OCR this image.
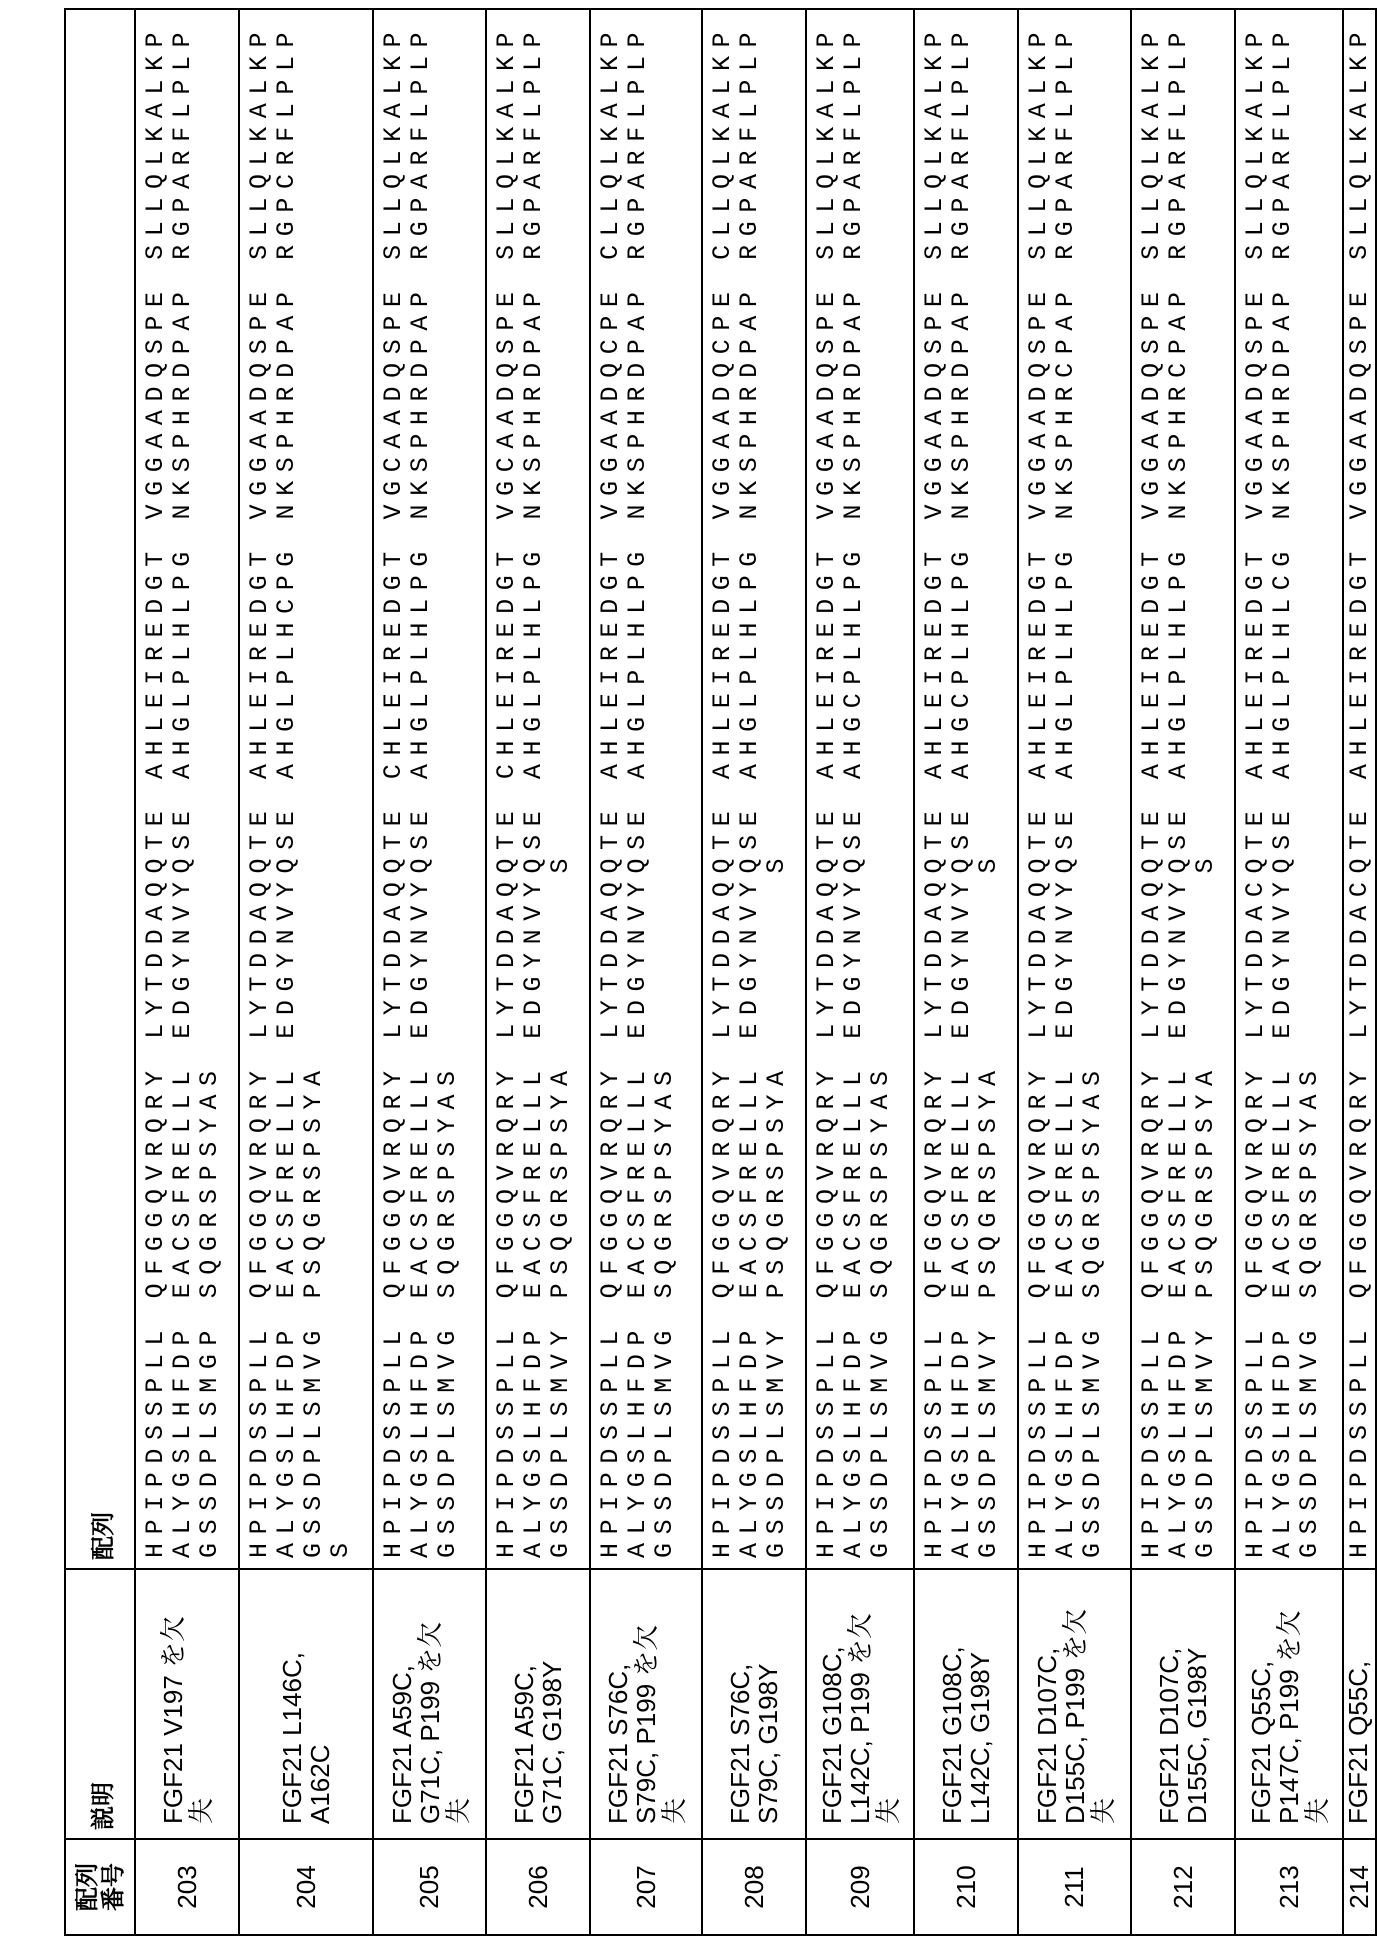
配列
番号
	説明	配列
203	
FGF21 V197 を欠
失

HPIPDSSPLL QFGGQVRQRY LYTDDAQQTE AHLEIREDGT VGGAADQSPE SLLQLKALKP GVIQILGVKT SRFLCQRPDG
ALYGSLHFDP EACSFRELLL EDGYNVYQSE AHGLPLHLPG NKSPHRDPAP RGPARFLPLP GLPPAPPEPP GILAPQPPDV
GSSDPLSMGP SQGRSPSYAS

204	
FGF21 L146C,
A162C

HPIPDSSPLL QFGGQVRQRY LYTDDAQQTE AHLEIREDGT VGGAADQSPE SLLQLKALKP GVIQILGVKT SRFLCQRPDG
ALYGSLHFDP EACSFRELLL EDGYNVYQSE AHGLPLHCPG NKSPHRDPAP RGPCRFLPLP GLPPAPPEPP GILAPQPPDV
GSSDPLSMVG PSQGRSPSYA
S

205	
FGF21 A59C,
G71C, P199 を欠
失

HPIPDSSPLL QFGGQVRQRY LYTDDAQQTE CHLEIREDGT VGCAADQSPE SLLQLKALKP GVIQILGVKT SRFLCQRPDG
ALYGSLHFDP EACSFRELLL EDGYNVYQSE AHGLPLHLPG NKSPHRDPAP RGPARFLPLP GLPPAPPEPP GILAPQPPDV
GSSDPLSMVG SQGRSPSYAS

206	
FGF21 A59C,
G71C, G198Y

HPIPDSSPLL QFGGQVRQRY LYTDDAQQTE CHLEIREDGT VGCAADQSPE SLLQLKALKP GVIQILGVKT SRFLCQRPDG
ALYGSLHFDP EACSFRELLL EDGYNVYQSE AHGLPLHLPG NKSPHRDPAP RGPARFLPLP GLPPAPPEPP GILAPQPPDV
GSSDPLSMVY PSQGRSPSYA        S

207	
FGF21 S76C,
S79C, P199 を欠
失

HPIPDSSPLL QFGGQVRQRY LYTDDAQQTE AHLEIREDGT VGGAADQCPE CLLQLKALKP GVIQILGVKT SRFLCQRPDG
ALYGSLHFDP EACSFRELLL EDGYNVYQSE AHGLPLHLPG NKSPHRDPAP RGPARFLPLP GLPPAPPEPP GILAPQPPDV
GSSDPLSMVG SQGRSPSYAS

208	
FGF21 S76C,
S79C, G198Y

HPIPDSSPLL QFGGQVRQRY LYTDDAQQTE AHLEIREDGT VGGAADQCPE CLLQLKALKP GVIQILGVKT SRFLCQRPDG
ALYGSLHFDP EACSFRELLL EDGYNVYQSE AHGLPLHLPG NKSPHRDPAP RGPARFLPLP GLPPAPPEPP GILAPQPPDV
GSSDPLSMVY PSQGRSPSYA        S

209	
FGF21 G108C,
L142C, P199 を欠
失

HPIPDSSPLL QFGGQVRQRY LYTDDAQQTE AHLEIREDGT VGGAADQSPE SLLQLKALKP GVIQILGVKT SRFLCQRPDC
ALYGSLHFDP EACSFRELLL EDGYNVYQSE AHGCPLHLPG NKSPHRDPAP RGPARFLPLP GLPPAPPEPP GILAPQPPDV
GSSDPLSMVG SQGRSPSYAS

210	
FGF21 G108C,
L142C, G198Y

HPIPDSSPLL QFGGQVRQRY LYTDDAQQTE AHLEIREDGT VGGAADQSPE SLLQLKALKP GVIQILGVKT SRFLCQRPDC
ALYGSLHFDP EACSFRELLL EDGYNVYQSE AHGCPLHLPG NKSPHRDPAP RGPARFLPLP GLPPAPPEPP GILAPQPPDV
GSSDPLSMVY PSQGRSPSYA        S

211	
FGF21 D107C,
D155C, P199 を欠
失

HPIPDSSPLL QFGGQVRQRY LYTDDAQQTE AHLEIREDGT VGGAADQSPE SLLQLKALKP GVIQILGVKT SRFLCQRPCG
ALYGSLHFDP EACSFRELLL EDGYNVYQSE AHGLPLHLPG NKSPHRCPAP RGPARFLPLP GLPPAPPEPP GILAPQPPDV
GSSDPLSMVG SQGRSPSYAS

212	
FGF21 D107C,
D155C, G198Y

HPIPDSSPLL QFGGQVRQRY LYTDDAQQTE AHLEIREDGT VGGAADQSPE SLLQLKALKP GVIQILGVKT SRFLCQRPCG
ALYGSLHFDP EACSFRELLL EDGYNVYQSE AHGLPLHLPG NKSPHRCPAP RGPARFLPLP GLPPAPPEPP GILAPQPPDV
GSSDPLSMVY PSQGRSPSYA        S

213	
FGF21 Q55C,
P147C, P199 を欠
失

HPIPDSSPLL QFGGQVRQRY LYTDDACQTE AHLEIREDGT VGGAADQSPE SLLQLKALKP GVIQILGVKT SRFLCQRPDG
ALYGSLHFDP EACSFRELLL EDGYNVYQSE AHGLPLHLCG NKSPHRDPAP RGPARFLPLP GLPPAPPEPP GILAPQPPDV
GSSDPLSMVG SQGRSPSYAS

214	
FGF21 Q55C,

HPIPDSSPLL QFGGQVRQRY LYTDDACQTE AHLEIREDGT VGGAADQSPE SLLQLKALKP GVIQILGVKT SRFLCQRPDG
